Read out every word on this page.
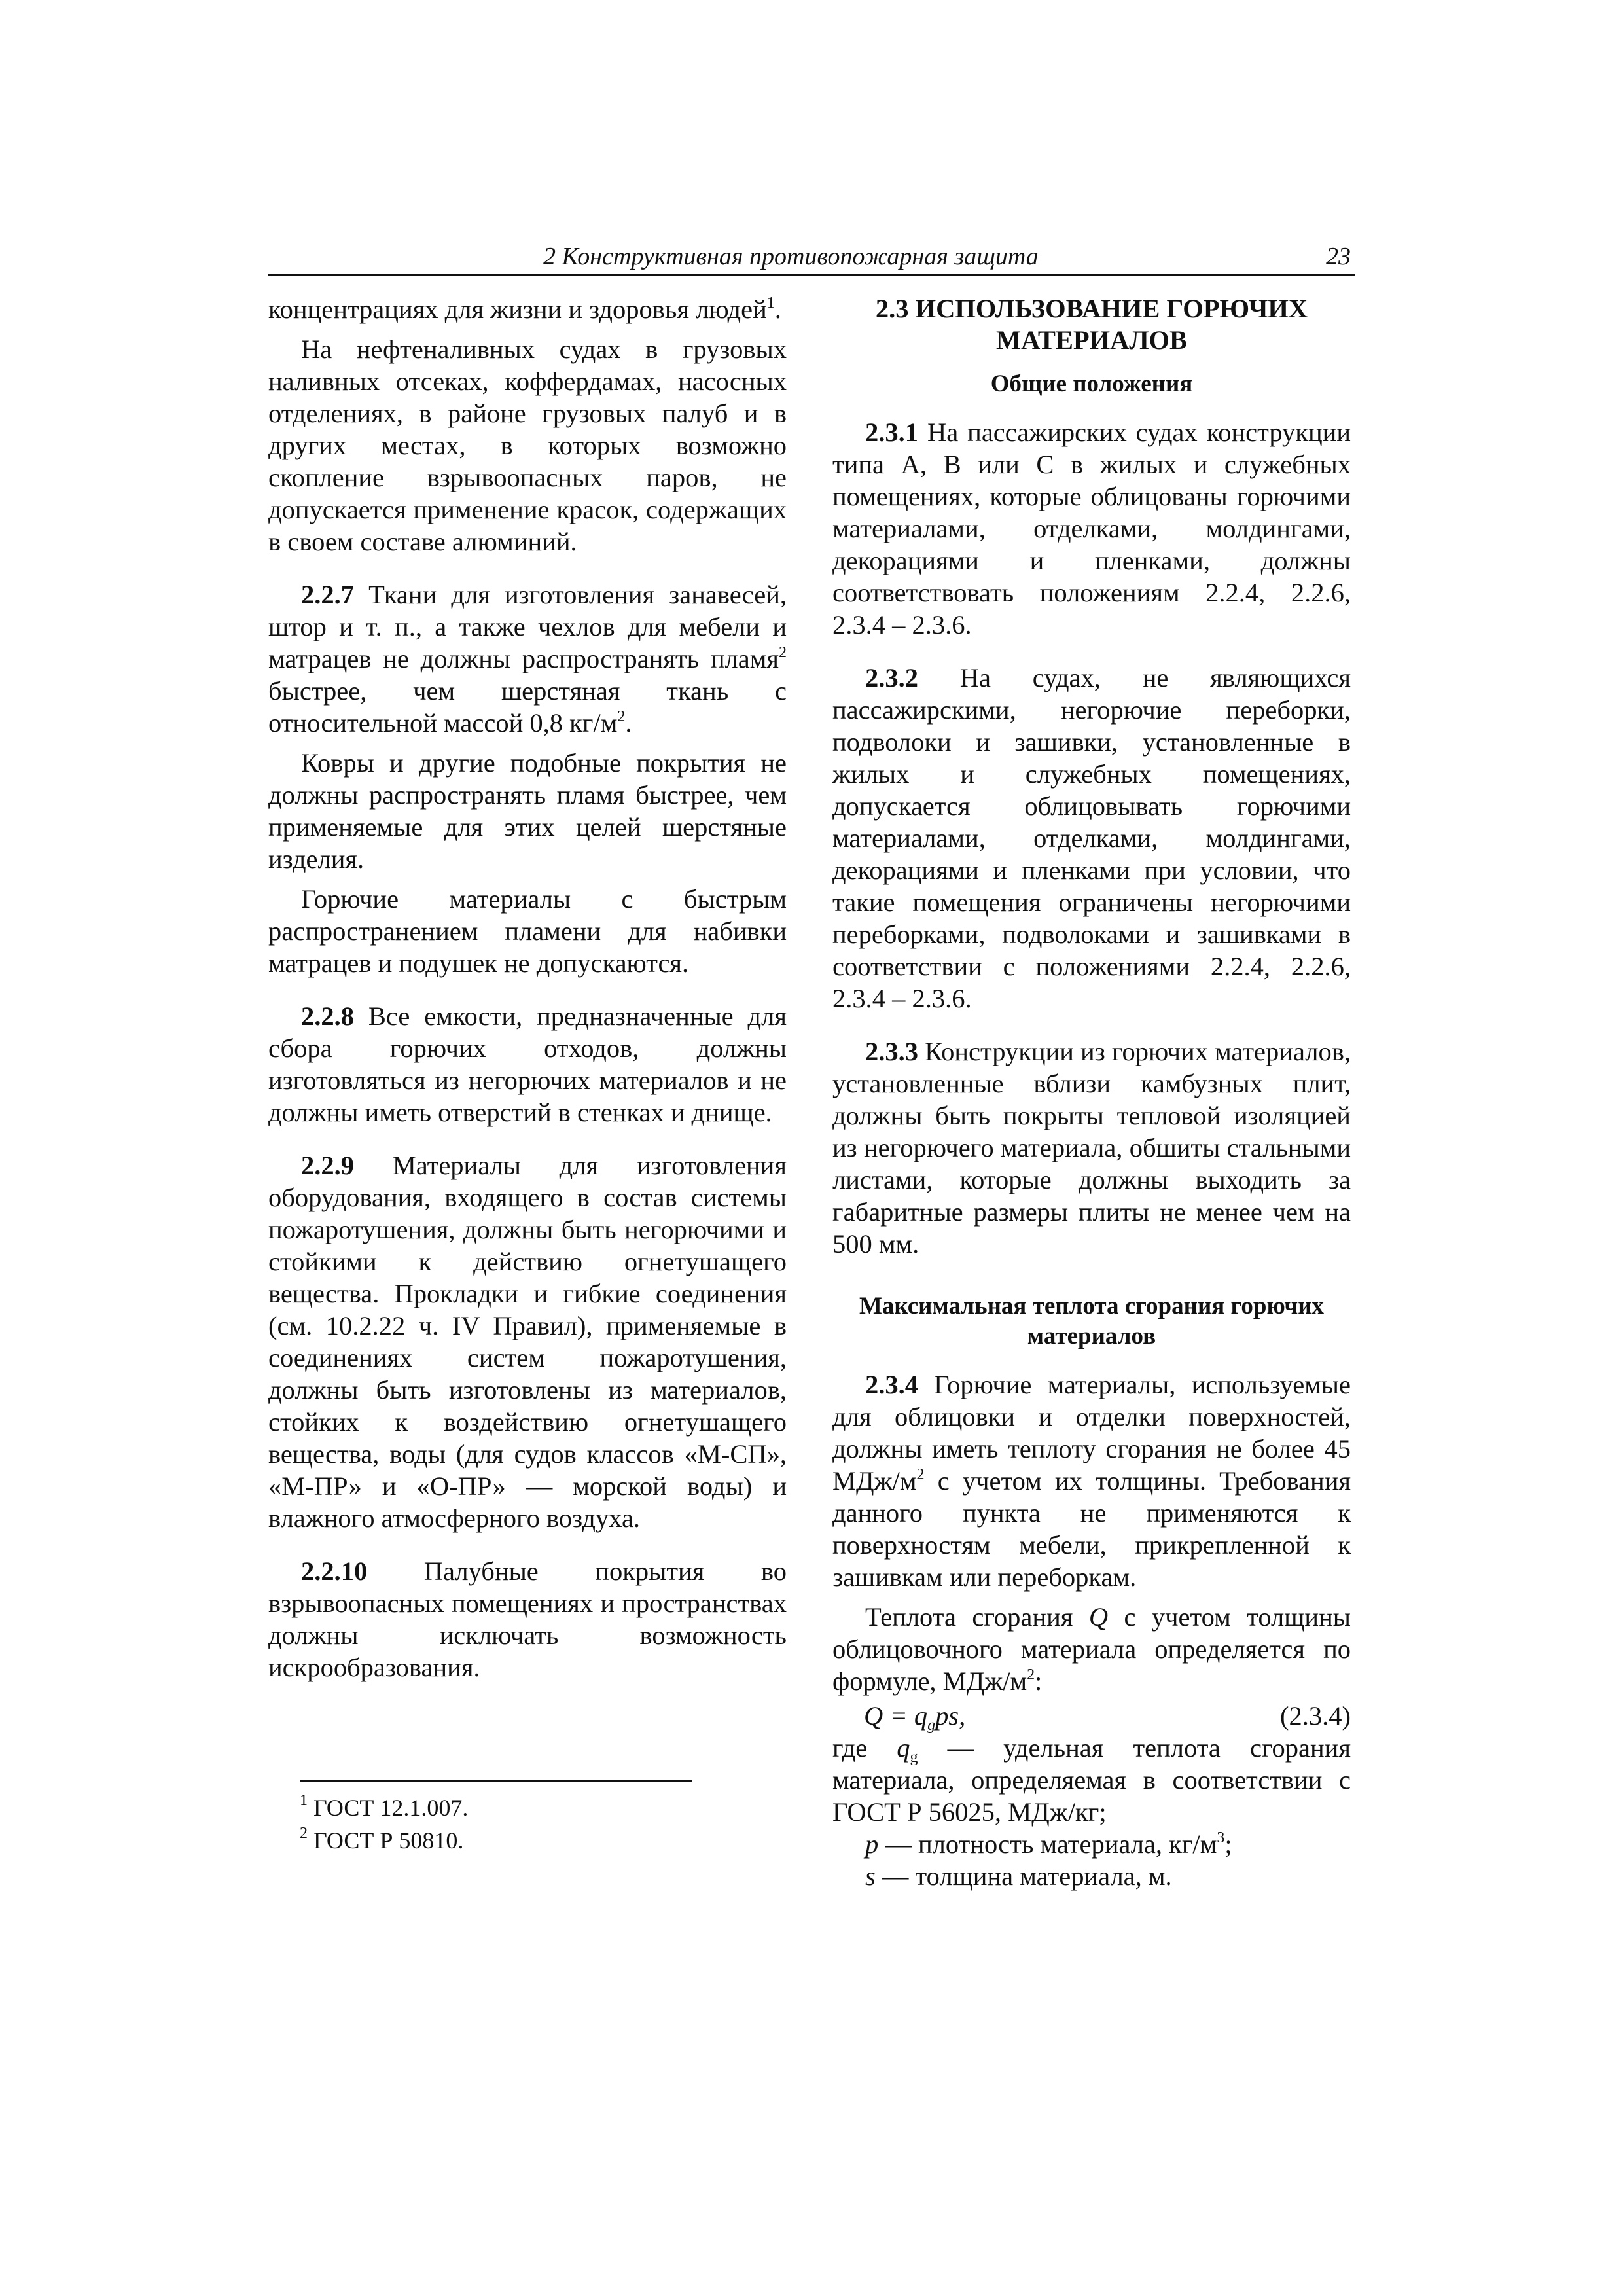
2 Конструктивная противопожарная защита	23

концентрациях для жизни и здоровья людей$^1$.

На нефтеналивных судах в грузовых наливных отсеках, коффердамах, насосных отделениях, в районе грузовых палуб и в других местах, в которых возможно скопление взрывоопасных паров, не допускается применение красок, содержащих в своем составе алюминий.

2.2.7 Ткани для изготовления занавесей, штор и т. п., а также чехлов для мебели и матрацев не должны распространять пламя$^2$ быстрее, чем шерстяная ткань с относительной массой 0,8 $кг/м^2$.

Ковры и другие подобные покрытия не должны распространять пламя быстрее, чем применяемые для этих целей шерстяные изделия.

Горючие материалы с быстрым распространением пламени для набивки матрацев и подушек не допускаются.

2.2.8 Все емкости, предназначенные для сбора горючих отходов, должны изготовляться из негорючих материалов и не должны иметь отверстий в стенках и днище.

2.2.9 Материалы для изготовления оборудования, входящего в состав системы пожаротушения, должны быть негорючими и стойкими к действию огнетушащего вещества. Прокладки и гибкие соединения (см. 10.2.22 ч. IV Правил), применяемые в соединениях систем пожаротушения, должны быть изготовлены из материалов, стойких к воздействию огнетушащего вещества, воды (для судов классов «М-СП», «М-ПР» и «О-ПР» — морской воды) и влажного атмосферного воздуха.

2.2.10 Палубные покрытия во взрывоопасных помещениях и пространствах должны исключать возможность искрообразования.

$^1$ ГОСТ 12.1.007.
$^2$ ГОСТ Р 50810.

2.3 ИСПОЛЬЗОВАНИЕ ГОРЮЧИХ МАТЕРИАЛОВ

Общие положения

2.3.1 На пассажирских судах конструкции типа А, В или С в жилых и служебных помещениях, которые облицованы горючими материалами, отделками, молдингами, декорациями и пленками, должны соответствовать положениям 2.2.4, 2.2.6, 2.3.4 – 2.3.6.

2.3.2 На судах, не являющихся пассажирскими, негорючие переборки, подволоки и зашивки, установленные в жилых и служебных помещениях, допускается облицовывать горючими материалами, отделками, молдингами, декорациями и пленками при условии, что такие помещения ограничены негорючими переборками, подволоками и зашивками в соответствии с положениями 2.2.4, 2.2.6, 2.3.4 – 2.3.6.

2.3.3 Конструкции из горючих материалов, установленные вблизи камбузных плит, должны быть покрыты тепловой изоляцией из негорючего материала, обшиты стальными листами, которые должны выходить за габаритные размеры плиты не менее чем на 500 мм.

Максимальная теплота сгорания горючих материалов

2.3.4 Горючие материалы, используемые для облицовки и отделки поверхностей, должны иметь теплоту сгорания не более 45 МДж/$м^2$ с учетом их толщины. Требования данного пункта не применяются к поверхностям мебели, прикрепленной к зашивкам или переборкам.

Теплота сгорания Q с учетом толщины облицовочного материала определяется по формуле, МДж/$м^2$:

$Q = q_gps$,	(2.3.4)

где $q_g$ — удельная теплота сгорания материала, определяемая в соответствии с ГОСТ Р 56025, МДж/кг;

p — плотность материала, $кг/м^3$;

s — толщина материала, м.
